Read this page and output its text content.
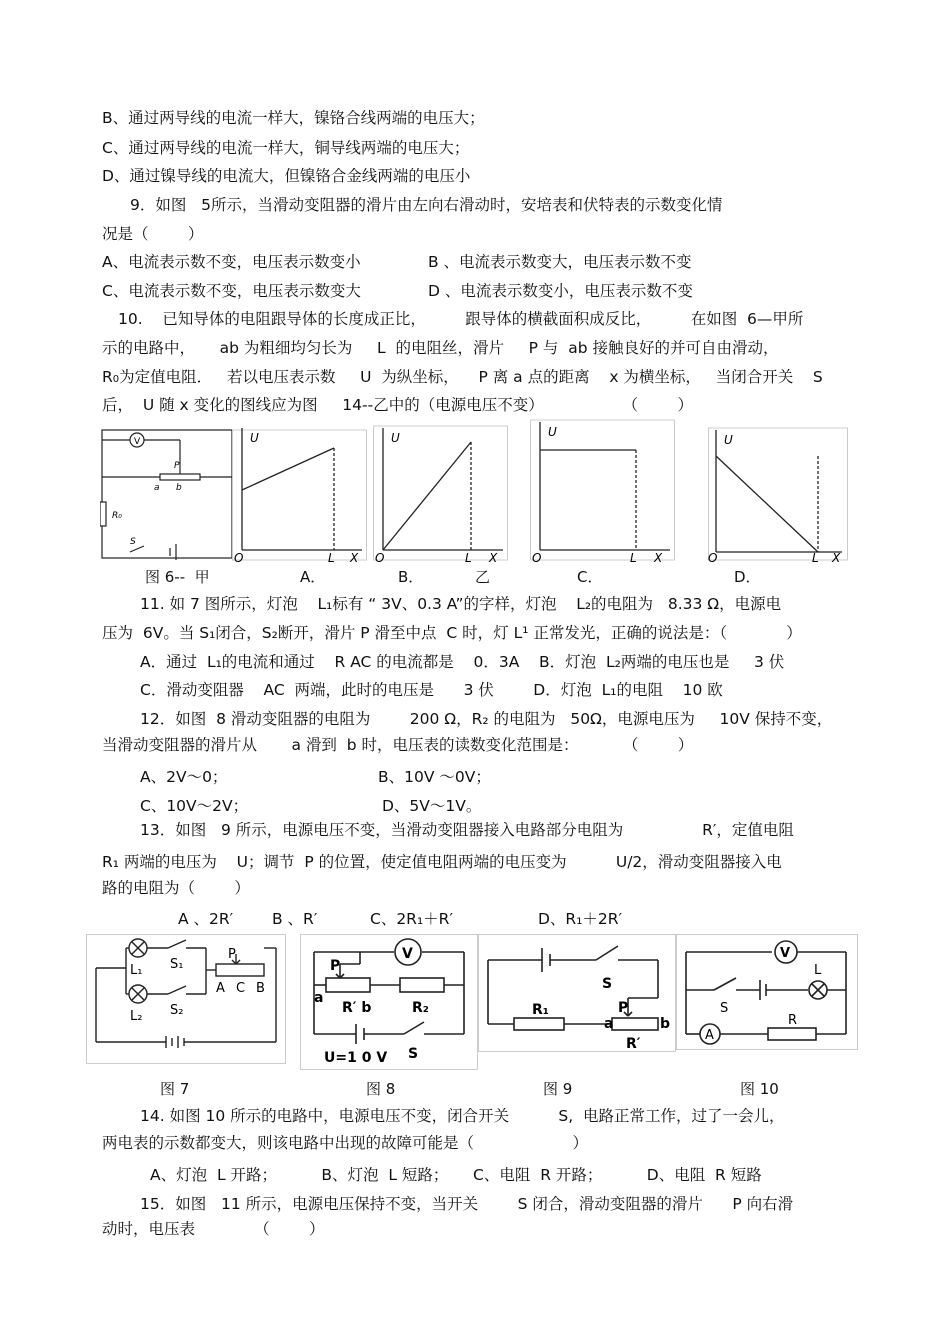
B、通过两导线的电流一样大，镍铬合线两端的电压大；
C、通过两导线的电流一样大，铜导线两端的电压大；
D、通过镍导线的电流大，但镍铬合金线两端的电压小
9．如图   5所示，当滑动变阻器的滑片由左向右滑动时，安培表和伏特表的示数变化情
况是（        ）
A、电流表示数不变，电压表示数变小	B 、电流表示数变大，电压表示数不变
C、电流表示数不变，电压表示数变大	D 、电流表示数变小，电压表示数不变
10.    已知导体的电阻跟导体的长度成正比，        跟导体的横截面积成反比，        在如图  6—甲所
示的电路中，     ab 为粗细均匀长为     L  的电阻丝，滑片     P 与  ab 接触良好的并可自由滑动，
R0为定值电阻．   若以电压表示数     U  为纵坐标，    P 离 a 点的距离    x 为横坐标，   当闭合开关    S
后，  U 随 x 变化的图线应为图     14--乙中的（电源电压不变）                （        ）
V
P
a b
R₀
S
U
O	L X
U
O	L X
U
O	L X
U
O	L X
图 6--  甲	A．	B．	乙	C．	D．
11. 如 7 图所示，灯泡    L₁标有 “ 3V、0.3 A”的字样，灯泡    L₂的电阻为   8.33 Ω，电源电
压为  6V。当 S₁闭合，S₂断开，滑片 P 滑至中点  C 时，灯 L¹ 正常发光，正确的说法是：（            ）
A．通过  L₁的电流和通过    R AC 的电流都是    0．3A    B．灯泡  L₂两端的电压也是     3 伏
C．滑动变阻器    AC  两端，此时的电压是      3 伏        D．灯泡  L₁的电阻    10 欧
12．如图  8 滑动变阻器的电阻为        200 Ω，R₂ 的电阻为   50Ω，电源电压为     10V 保持不变，
当滑动变阻器的滑片从       a 滑到  b 时，电压表的读数变化范围是：         （        ）
A、2V～0；	B、10V ～0V；
C、10V～2V；	D、5V～1V。
13．如图   9 所示，电源电压不变，当滑动变阻器接入电路部分电阻为                R′，定值电阻
R₁ 两端的电压为    U；调节  P 的位置，使定值电阻两端的电压变为          U/2，滑动变阻器接入电
路的电阻为（        ）
A 、2R′	B 、R′	C、2R₁＋R′	D、R₁＋2R′
L₁
L₂
S₁
S₂
P
A C B
P
a
R′ b	R₂
V
U=1 0 V S
S
R₁	P
a	b
R′
V
S
L
A
R
图 7	图 8	图 9	图 10
14. 如图 10 所示的电路中，电源电压不变，闭合开关          S,  电路正常工作，过了一会儿，
两电表的示数都变大，则该电路中出现的故障可能是（                    ）
A、灯泡  L 开路；         B、灯泡  L 短路；     C、电阻  R 开路；         D、电阻  R 短路
15．如图   11 所示，电源电压保持不变，当开关        S 闭合，滑动变阻器的滑片      P 向右滑
动时，电压表            （        ）
